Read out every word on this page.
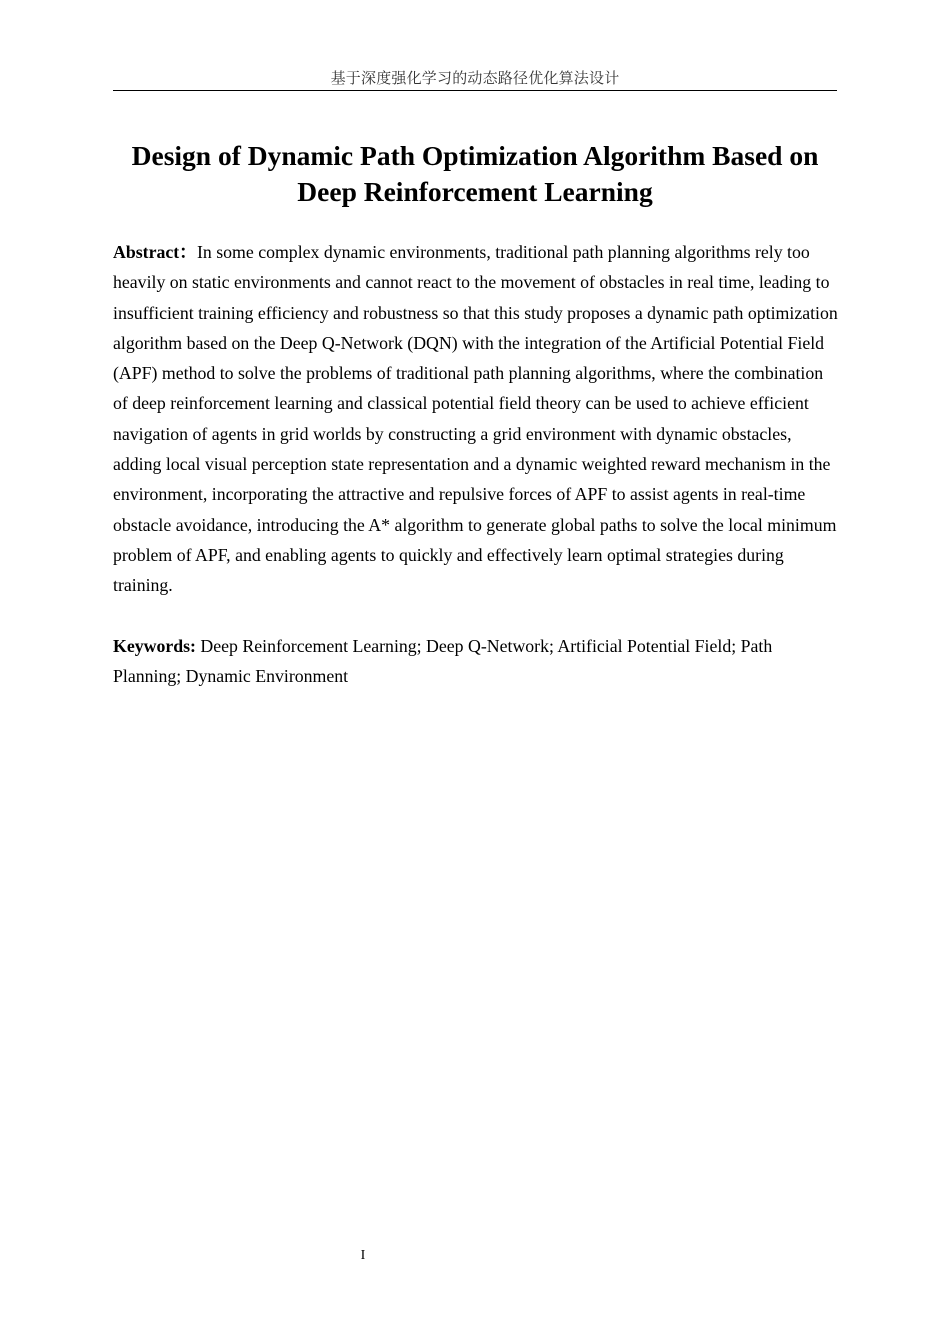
基于深度强化学习的动态路径优化算法设计
Design of Dynamic Path Optimization Algorithm Based on
Deep Reinforcement Learning

Abstract：In some complex dynamic environments, traditional path planning algorithms rely too heavily on static environments and cannot react to the movement of obstacles in real time, leading to insufficient training efficiency and robustness so that this study proposes a dynamic path optimization algorithm based on the Deep Q-Network (DQN) with the integration of the Artificial Potential Field (APF) method to solve the problems of traditional path planning algorithms, where the combination of deep reinforcement learning and classical potential field theory can be used to achieve efficient navigation of agents in grid worlds by constructing a grid environment with dynamic obstacles, adding local visual perception state representation and a dynamic weighted reward mechanism in the environment, incorporating the attractive and repulsive forces of APF to assist agents in real-time obstacle avoidance, introducing the A* algorithm to generate global paths to solve the local minimum problem of APF, and enabling agents to quickly and effectively learn optimal strategies during training.

Keywords: Deep Reinforcement Learning; Deep Q-Network; Artificial Potential Field; Path Planning; Dynamic Environment

I
